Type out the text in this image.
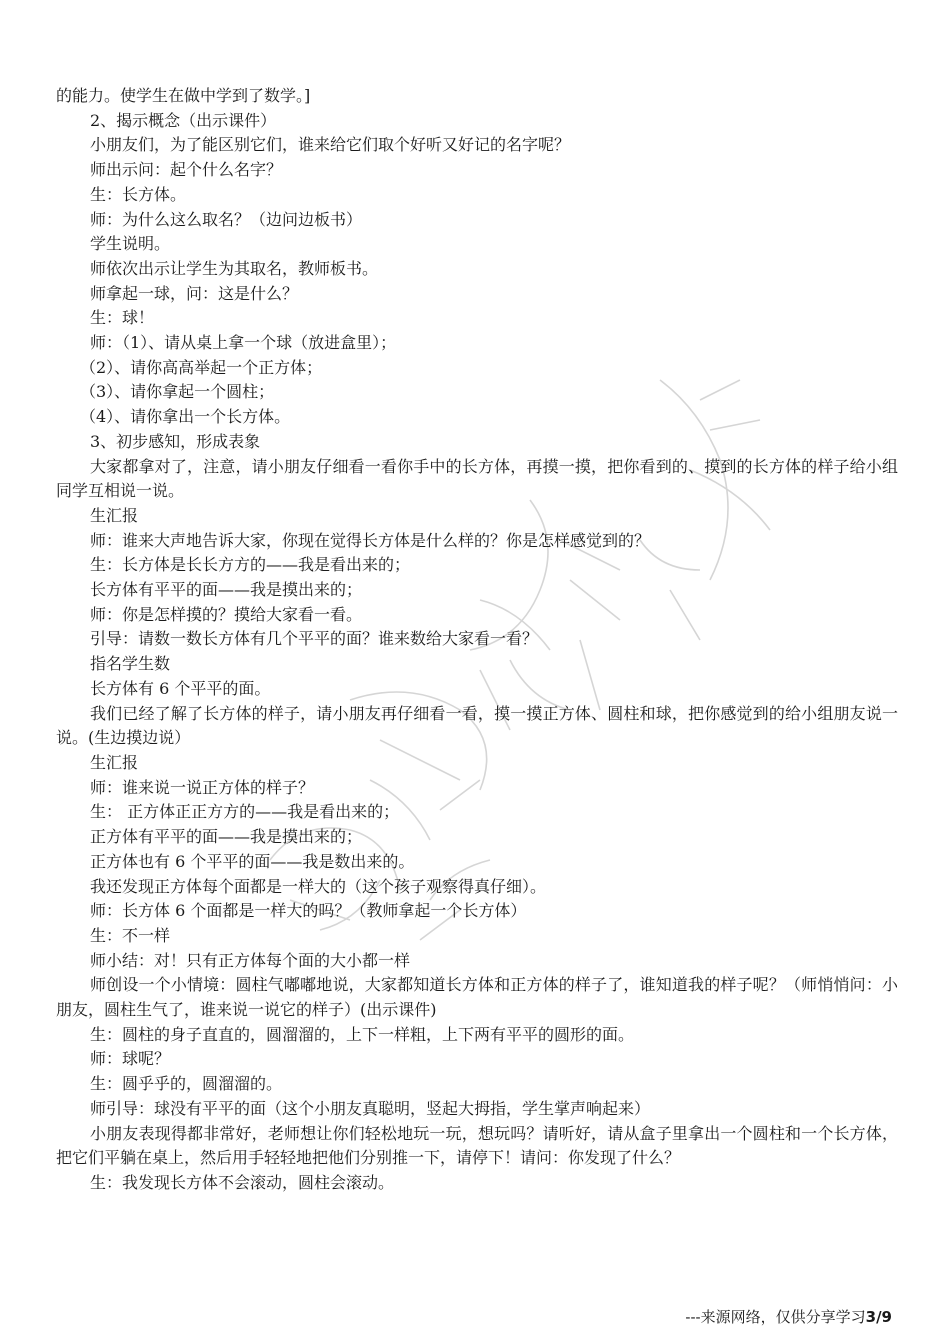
的能力。使学生在做中学到了数学。]
2、揭示概念（出示课件）
小朋友们，为了能区别它们，谁来给它们取个好听又好记的名字呢？
师出示问：起个什么名字？
生：长方体。
师：为什么这么取名？（边问边板书）
学生说明。
师依次出示让学生为其取名，教师板书。
师拿起一球，问：这是什么？
生：球！
师：（1）、请从桌上拿一个球（放进盒里）；
（2）、请你高高举起一个正方体；
（3）、请你拿起一个圆柱；
（4）、请你拿出一个长方体。
3、初步感知，形成表象
大家都拿对了，注意，请小朋友仔细看一看你手中的长方体，再摸一摸，把你看到的、摸到的长方体的样子给小组同学互相说一说。
生汇报
师：谁来大声地告诉大家，你现在觉得长方体是什么样的？你是怎样感觉到的？
生：长方体是长长方方的——我是看出来的；
长方体有平平的面——我是摸出来的；
师：你是怎样摸的？摸给大家看一看。
引导：请数一数长方体有几个平平的面？谁来数给大家看一看？
指名学生数
长方体有 6 个平平的面。
我们已经了解了长方体的样子，请小朋友再仔细看一看，摸一摸正方体、圆柱和球，把你感觉到的给小组朋友说一说。(生边摸边说）
生汇报
师：谁来说一说正方体的样子？
生： 正方体正正方方的——我是看出来的；
正方体有平平的面——我是摸出来的；
正方体也有 6 个平平的面——我是数出来的。
我还发现正方体每个面都是一样大的（这个孩子观察得真仔细）。
师：长方体 6 个面都是一样大的吗？（教师拿起一个长方体）
生：不一样
师小结：对！只有正方体每个面的大小都一样
师创设一个小情境：圆柱气嘟嘟地说，大家都知道长方体和正方体的样子了，谁知道我的样子呢？（师悄悄问：小朋友，圆柱生气了，谁来说一说它的样子）(出示课件)
生：圆柱的身子直直的，圆溜溜的，上下一样粗，上下两有平平的圆形的面。
师：球呢？
生：圆乎乎的，圆溜溜的。
师引导：球没有平平的面（这个小朋友真聪明，竖起大拇指，学生掌声响起来）
小朋友表现得都非常好，老师想让你们轻松地玩一玩，想玩吗？请听好，请从盒子里拿出一个圆柱和一个长方体，把它们平躺在桌上，然后用手轻轻地把他们分别推一下，请停下！请问：你发现了什么？
生：我发现长方体不会滚动，圆柱会滚动。
---来源网络，仅供分享学习3/9
